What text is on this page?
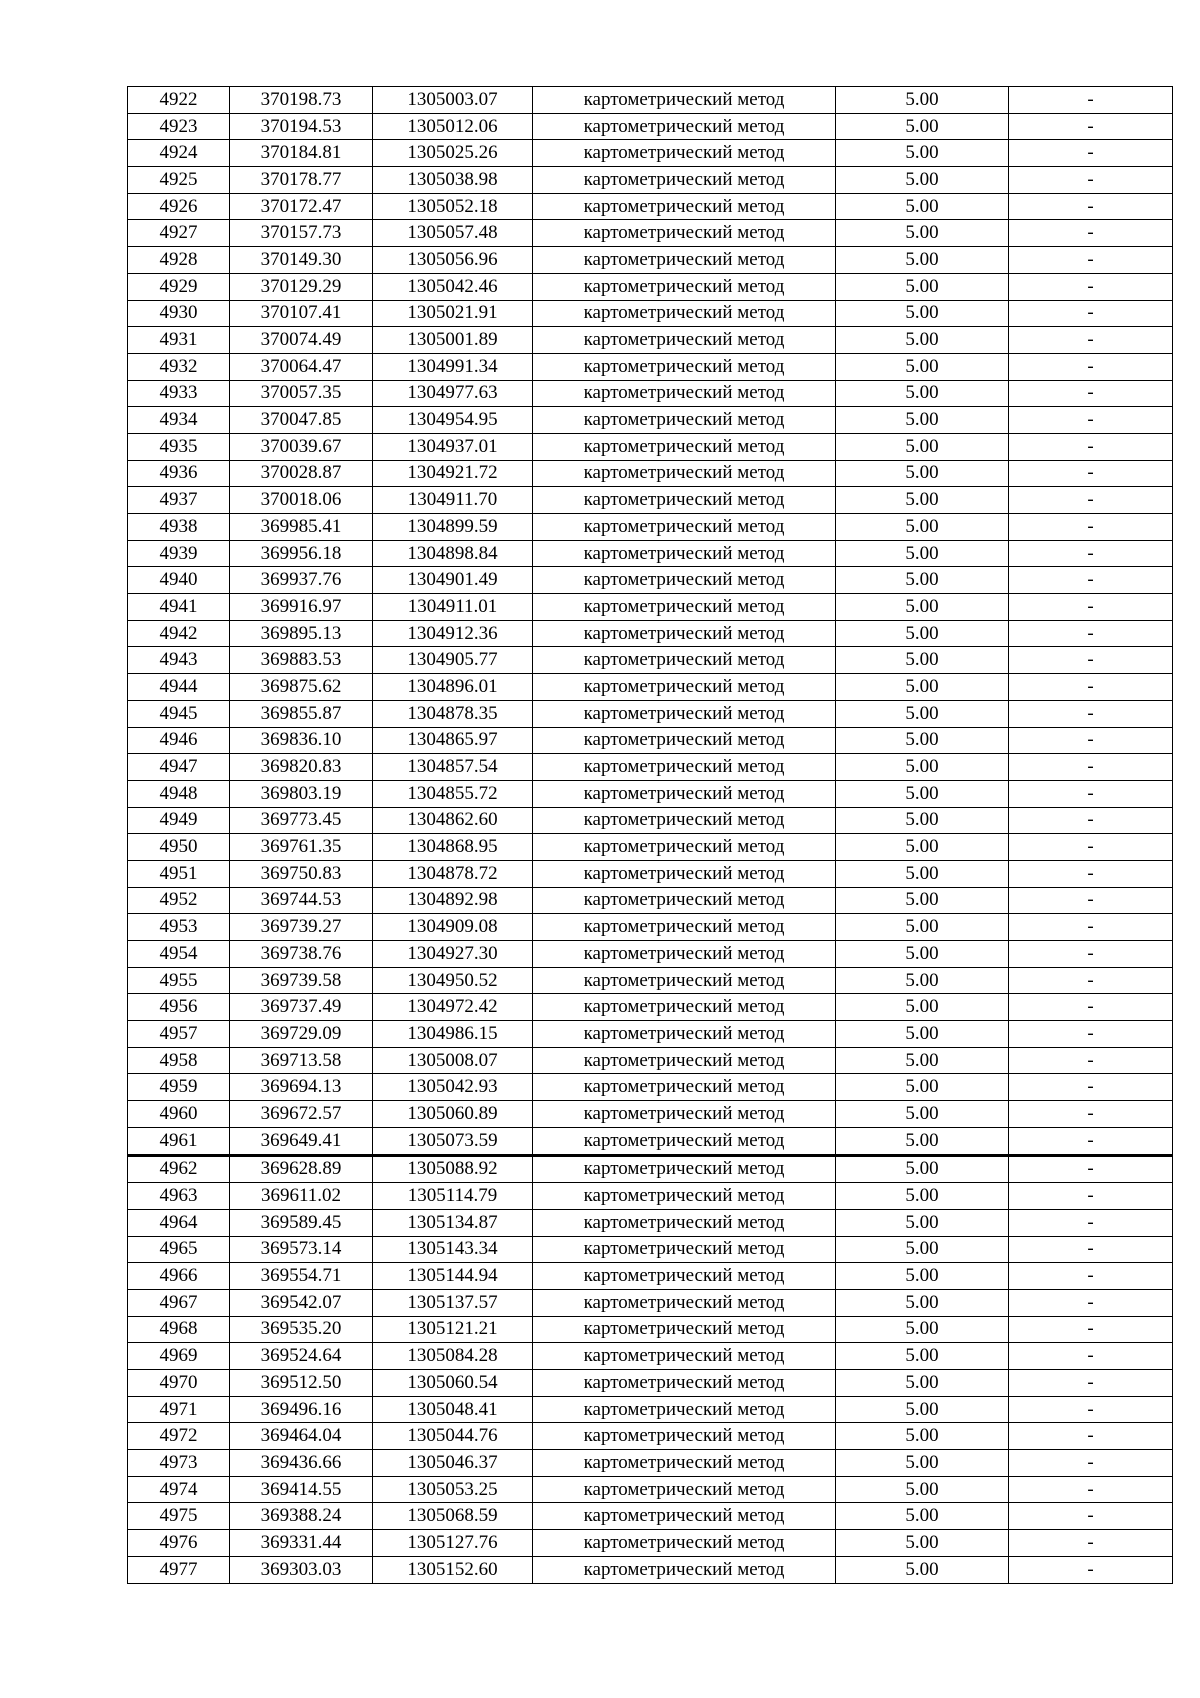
4922	370198.73	1305003.07	картометрический метод	5.00	-
4923	370194.53	1305012.06	картометрический метод	5.00	-
4924	370184.81	1305025.26	картометрический метод	5.00	-
4925	370178.77	1305038.98	картометрический метод	5.00	-
4926	370172.47	1305052.18	картометрический метод	5.00	-
4927	370157.73	1305057.48	картометрический метод	5.00	-
4928	370149.30	1305056.96	картометрический метод	5.00	-
4929	370129.29	1305042.46	картометрический метод	5.00	-
4930	370107.41	1305021.91	картометрический метод	5.00	-
4931	370074.49	1305001.89	картометрический метод	5.00	-
4932	370064.47	1304991.34	картометрический метод	5.00	-
4933	370057.35	1304977.63	картометрический метод	5.00	-
4934	370047.85	1304954.95	картометрический метод	5.00	-
4935	370039.67	1304937.01	картометрический метод	5.00	-
4936	370028.87	1304921.72	картометрический метод	5.00	-
4937	370018.06	1304911.70	картометрический метод	5.00	-
4938	369985.41	1304899.59	картометрический метод	5.00	-
4939	369956.18	1304898.84	картометрический метод	5.00	-
4940	369937.76	1304901.49	картометрический метод	5.00	-
4941	369916.97	1304911.01	картометрический метод	5.00	-
4942	369895.13	1304912.36	картометрический метод	5.00	-
4943	369883.53	1304905.77	картометрический метод	5.00	-
4944	369875.62	1304896.01	картометрический метод	5.00	-
4945	369855.87	1304878.35	картометрический метод	5.00	-
4946	369836.10	1304865.97	картометрический метод	5.00	-
4947	369820.83	1304857.54	картометрический метод	5.00	-
4948	369803.19	1304855.72	картометрический метод	5.00	-
4949	369773.45	1304862.60	картометрический метод	5.00	-
4950	369761.35	1304868.95	картометрический метод	5.00	-
4951	369750.83	1304878.72	картометрический метод	5.00	-
4952	369744.53	1304892.98	картометрический метод	5.00	-
4953	369739.27	1304909.08	картометрический метод	5.00	-
4954	369738.76	1304927.30	картометрический метод	5.00	-
4955	369739.58	1304950.52	картометрический метод	5.00	-
4956	369737.49	1304972.42	картометрический метод	5.00	-
4957	369729.09	1304986.15	картометрический метод	5.00	-
4958	369713.58	1305008.07	картометрический метод	5.00	-
4959	369694.13	1305042.93	картометрический метод	5.00	-
4960	369672.57	1305060.89	картометрический метод	5.00	-
4961	369649.41	1305073.59	картометрический метод	5.00	-
4962	369628.89	1305088.92	картометрический метод	5.00	-
4963	369611.02	1305114.79	картометрический метод	5.00	-
4964	369589.45	1305134.87	картометрический метод	5.00	-
4965	369573.14	1305143.34	картометрический метод	5.00	-
4966	369554.71	1305144.94	картометрический метод	5.00	-
4967	369542.07	1305137.57	картометрический метод	5.00	-
4968	369535.20	1305121.21	картометрический метод	5.00	-
4969	369524.64	1305084.28	картометрический метод	5.00	-
4970	369512.50	1305060.54	картометрический метод	5.00	-
4971	369496.16	1305048.41	картометрический метод	5.00	-
4972	369464.04	1305044.76	картометрический метод	5.00	-
4973	369436.66	1305046.37	картометрический метод	5.00	-
4974	369414.55	1305053.25	картометрический метод	5.00	-
4975	369388.24	1305068.59	картометрический метод	5.00	-
4976	369331.44	1305127.76	картометрический метод	5.00	-
4977	369303.03	1305152.60	картометрический метод	5.00	-
